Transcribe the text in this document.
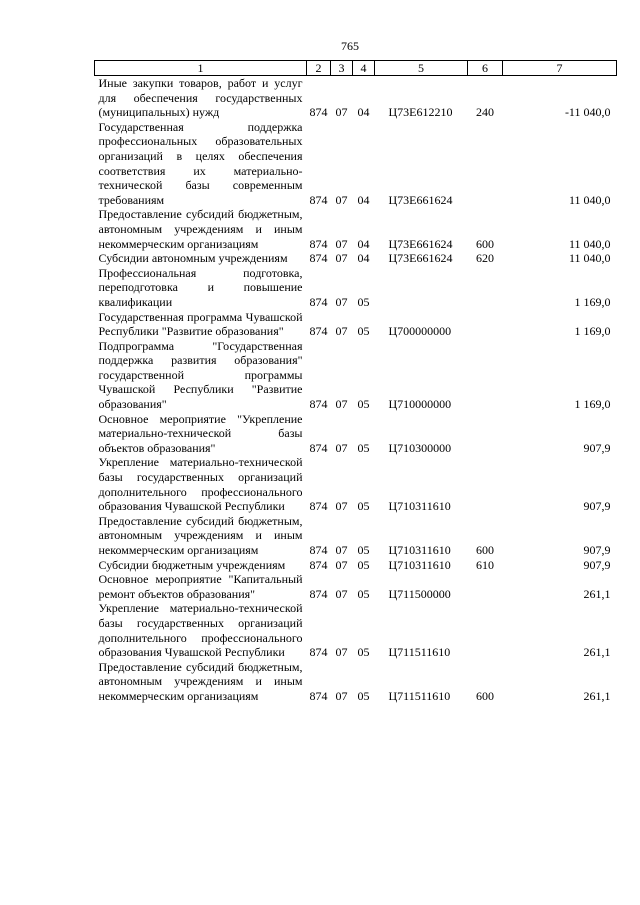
765
1	2	3	4	5	6	7
Иные закупки товаров, работ и услуг для обеспечения государственных (муниципальных) нужд	874	07	04	Ц73Е612210	240	-11 040,0
Государственная поддержка профессиональных образовательных организаций в целях обеспечения соответствия их материально-технической базы современным требованиям	874	07	04	Ц73Е661624		11 040,0
Предоставление субсидий бюджетным, автономным учреждениям и иным некоммерческим организациям	874	07	04	Ц73Е661624	600	11 040,0
Субсидии автономным учреждениям	874	07	04	Ц73Е661624	620	11 040,0
Профессиональная подготовка, переподготовка и повышение квалификации	874	07	05			1 169,0
Государственная программа Чувашской Республики "Развитие образования"	874	07	05	Ц700000000		1 169,0
Подпрограмма "Государственная поддержка развития образования" государственной программы Чувашской Республики "Развитие образования"	874	07	05	Ц710000000		1 169,0
Основное мероприятие "Укрепление материально-технической базы объектов образования"	874	07	05	Ц710300000		907,9
Укрепление материально-технической базы государственных организаций дополнительного профессионального образования Чувашской Республики	874	07	05	Ц710311610		907,9
Предоставление субсидий бюджетным, автономным учреждениям и иным некоммерческим организациям	874	07	05	Ц710311610	600	907,9
Субсидии бюджетным учреждениям	874	07	05	Ц710311610	610	907,9
Основное мероприятие "Капитальный ремонт объектов образования"	874	07	05	Ц711500000		261,1
Укрепление материально-технической базы государственных организаций дополнительного профессионального образования Чувашской Республики	874	07	05	Ц711511610		261,1
Предоставление субсидий бюджетным, автономным учреждениям и иным некоммерческим организациям	874	07	05	Ц711511610	600	261,1
